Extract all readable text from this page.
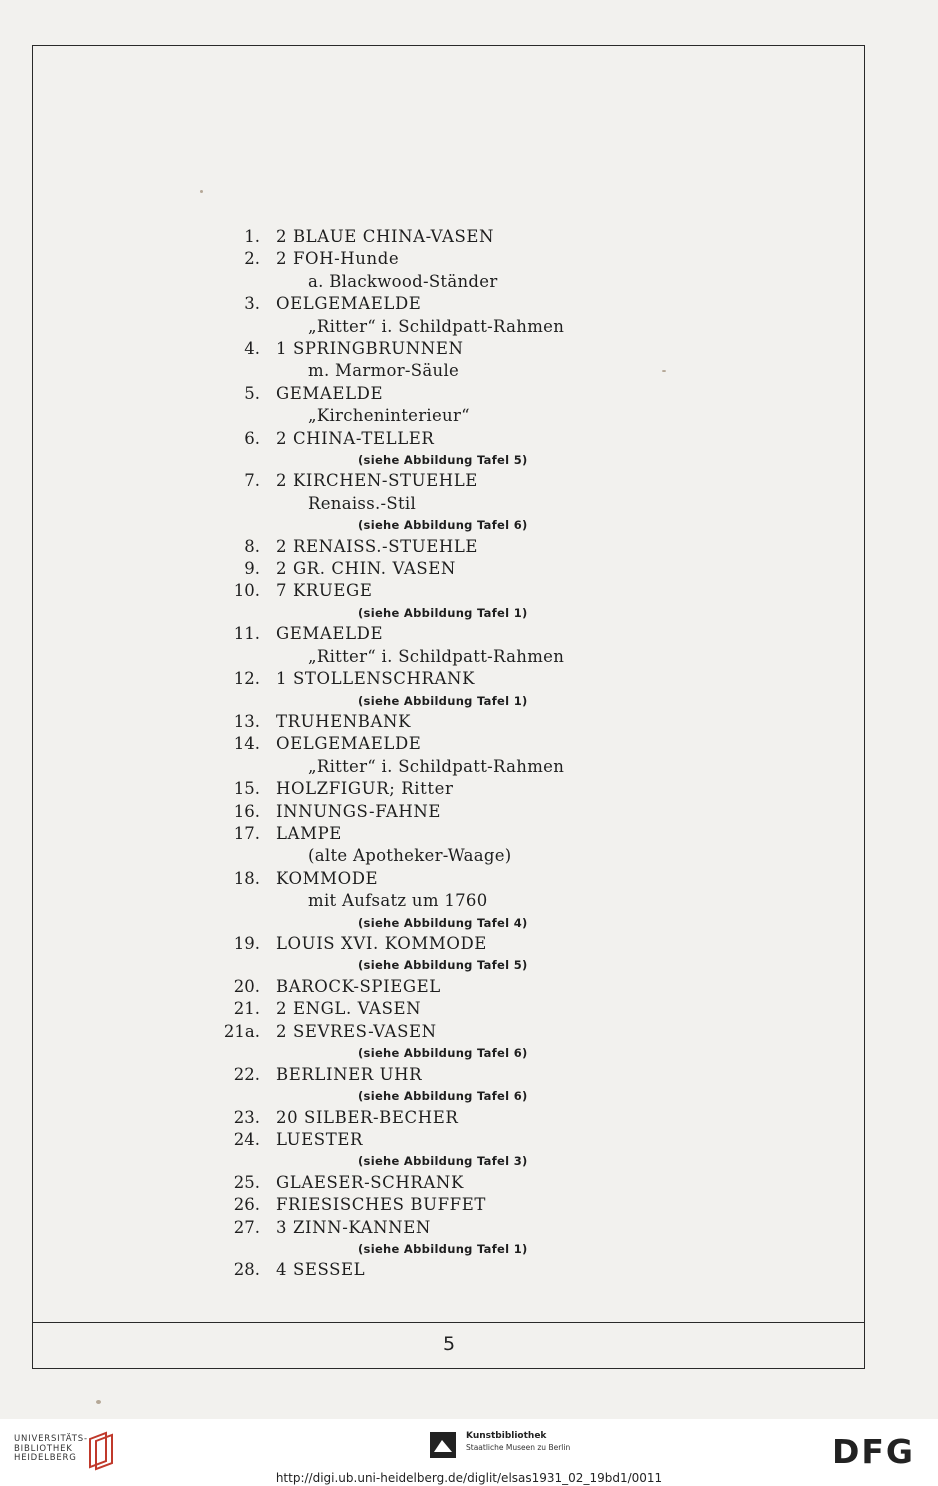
1. 2 BLAUE CHINA-VASEN
2. 2 FOH-Hunde
a. Blackwood-Ständer
3. OELGEMAELDE
„Ritter“ i. Schildpatt-Rahmen
4. 1 SPRINGBRUNNEN
m. Marmor-Säule
5. GEMAELDE
„Kircheninterieur“
6. 2 CHINA-TELLER
(siehe Abbildung Tafel 5)
7. 2 KIRCHEN-STUEHLE
Renaiss.-Stil
(siehe Abbildung Tafel 6)
8. 2 RENAISS.-STUEHLE
9. 2 GR. CHIN. VASEN
10. 7 KRUEGE
(siehe Abbildung Tafel 1)
11. GEMAELDE
„Ritter“ i. Schildpatt-Rahmen
12. 1 STOLLENSCHRANK
(siehe Abbildung Tafel 1)
13. TRUHENBANK
14. OELGEMAELDE
„Ritter“ i. Schildpatt-Rahmen
15. HOLZFIGUR; Ritter
16. INNUNGS-FAHNE
17. LAMPE
(alte Apotheker-Waage)
18. KOMMODE
mit Aufsatz um 1760
(siehe Abbildung Tafel 4)
19. LOUIS XVI. KOMMODE
(siehe Abbildung Tafel 5)
20. BAROCK-SPIEGEL
21. 2 ENGL. VASEN
21a. 2 SEVRES-VASEN
(siehe Abbildung Tafel 6)
22. BERLINER UHR
(siehe Abbildung Tafel 6)
23. 20 SILBER-BECHER
24. LUESTER
(siehe Abbildung Tafel 3)
25. GLAESER-SCHRANK
26. FRIESISCHES BUFFET
27. 3 ZINN-KANNEN
(siehe Abbildung Tafel 1)
28. 4 SESSEL
5
UNIVERSITÄTS-
BIBLIOTHEK
HEIDELBERG
Kunstbibliothek
Staatliche Museen zu Berlin	DFG
http://digi.ub.uni-heidelberg.de/diglit/elsas1931_02_19bd1/0011
